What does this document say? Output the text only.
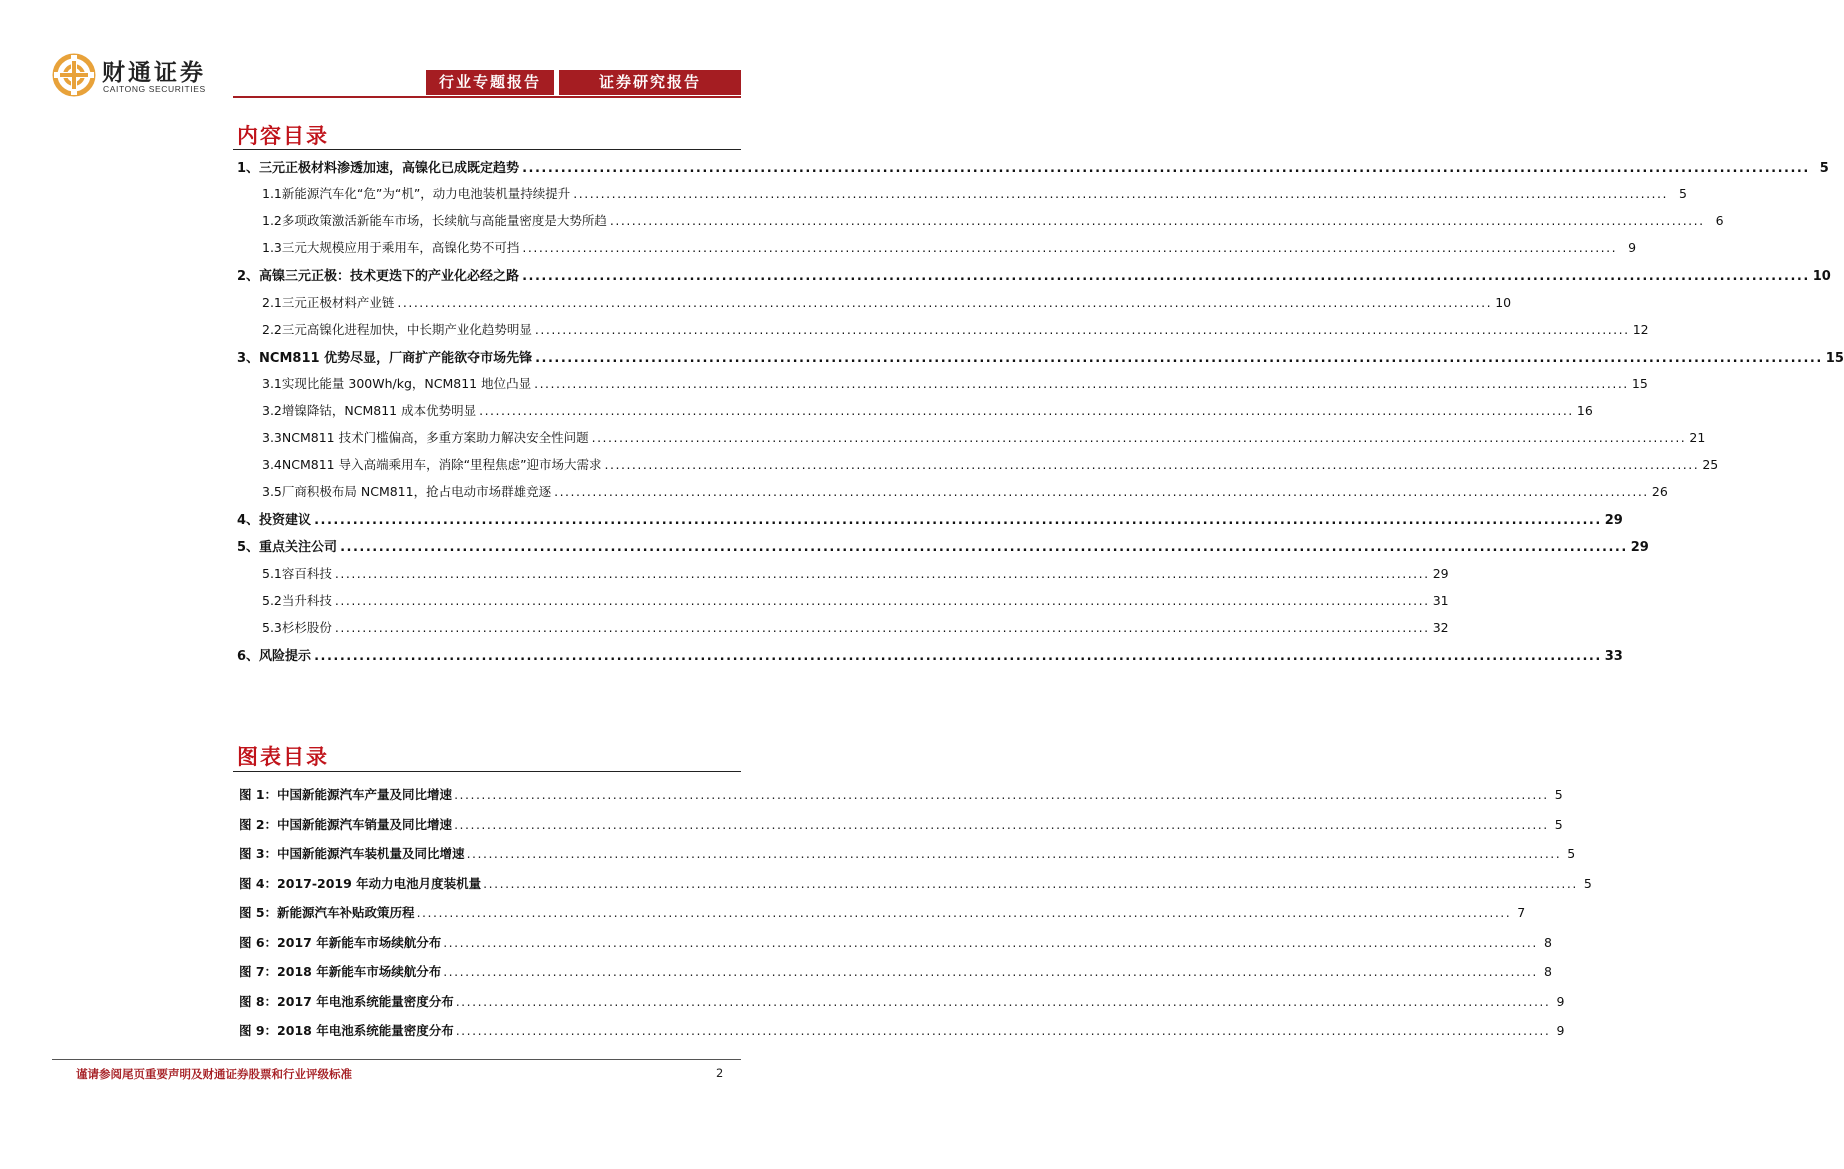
财通证券
CAITONG SECURITIES	行业专题报告	证券研究报告
内容目录
1、 三元正极材料渗透加速，高镍化已成既定趋势 ........................................................................................................................................................................................................ 5
1.1 新能源汽车化“危”为“机”，动力电池装机量持续提升 ........................................................................................................................................................................................................ 5
1.2 多项政策激活新能车市场，长续航与高能量密度是大势所趋 ........................................................................................................................................................................................................ 6
1.3 三元大规模应用于乘用车，高镍化势不可挡 ........................................................................................................................................................................................................ 9
2、 高镍三元正极：技术更迭下的产业化必经之路 ........................................................................................................................................................................................................ 10
2.1 三元正极材料产业链 ........................................................................................................................................................................................................ 10
2.2 三元高镍化进程加快，中长期产业化趋势明显 ........................................................................................................................................................................................................ 12
3、 NCM811 优势尽显，厂商扩产能欲夺市场先锋 ........................................................................................................................................................................................................ 15
3.1 实现比能量 300Wh/kg，NCM811 地位凸显 ........................................................................................................................................................................................................ 15
3.2 增镍降钴，NCM811 成本优势明显 ........................................................................................................................................................................................................ 16
3.3 NCM811 技术门槛偏高，多重方案助力解决安全性问题 ........................................................................................................................................................................................................ 21
3.4 NCM811 导入高端乘用车，消除“里程焦虑”迎市场大需求 ........................................................................................................................................................................................................ 25
3.5 厂商积极布局 NCM811，抢占电动市场群雄竞逐 ........................................................................................................................................................................................................ 26
4、 投资建议 ........................................................................................................................................................................................................ 29
5、 重点关注公司 ........................................................................................................................................................................................................ 29
5.1 容百科技 ........................................................................................................................................................................................................ 29
5.2 当升科技 ........................................................................................................................................................................................................ 31
5.3 杉杉股份 ........................................................................................................................................................................................................ 32
6、 风险提示 ........................................................................................................................................................................................................ 33
图表目录
图 1：中国新能源汽车产量及同比增速 ........................................................................................................................................................................................................ 5
图 2：中国新能源汽车销量及同比增速 ........................................................................................................................................................................................................ 5
图 3：中国新能源汽车装机量及同比增速 ........................................................................................................................................................................................................ 5
图 4：2017-2019 年动力电池月度装机量 ........................................................................................................................................................................................................ 5
图 5：新能源汽车补贴政策历程 ........................................................................................................................................................................................................ 7
图 6：2017 年新能车市场续航分布 ........................................................................................................................................................................................................ 8
图 7：2018 年新能车市场续航分布 ........................................................................................................................................................................................................ 8
图 8：2017 年电池系统能量密度分布 ........................................................................................................................................................................................................ 9
图 9：2018 年电池系统能量密度分布 ........................................................................................................................................................................................................ 9
谨请参阅尾页重要声明及财通证券股票和行业评级标准	2
